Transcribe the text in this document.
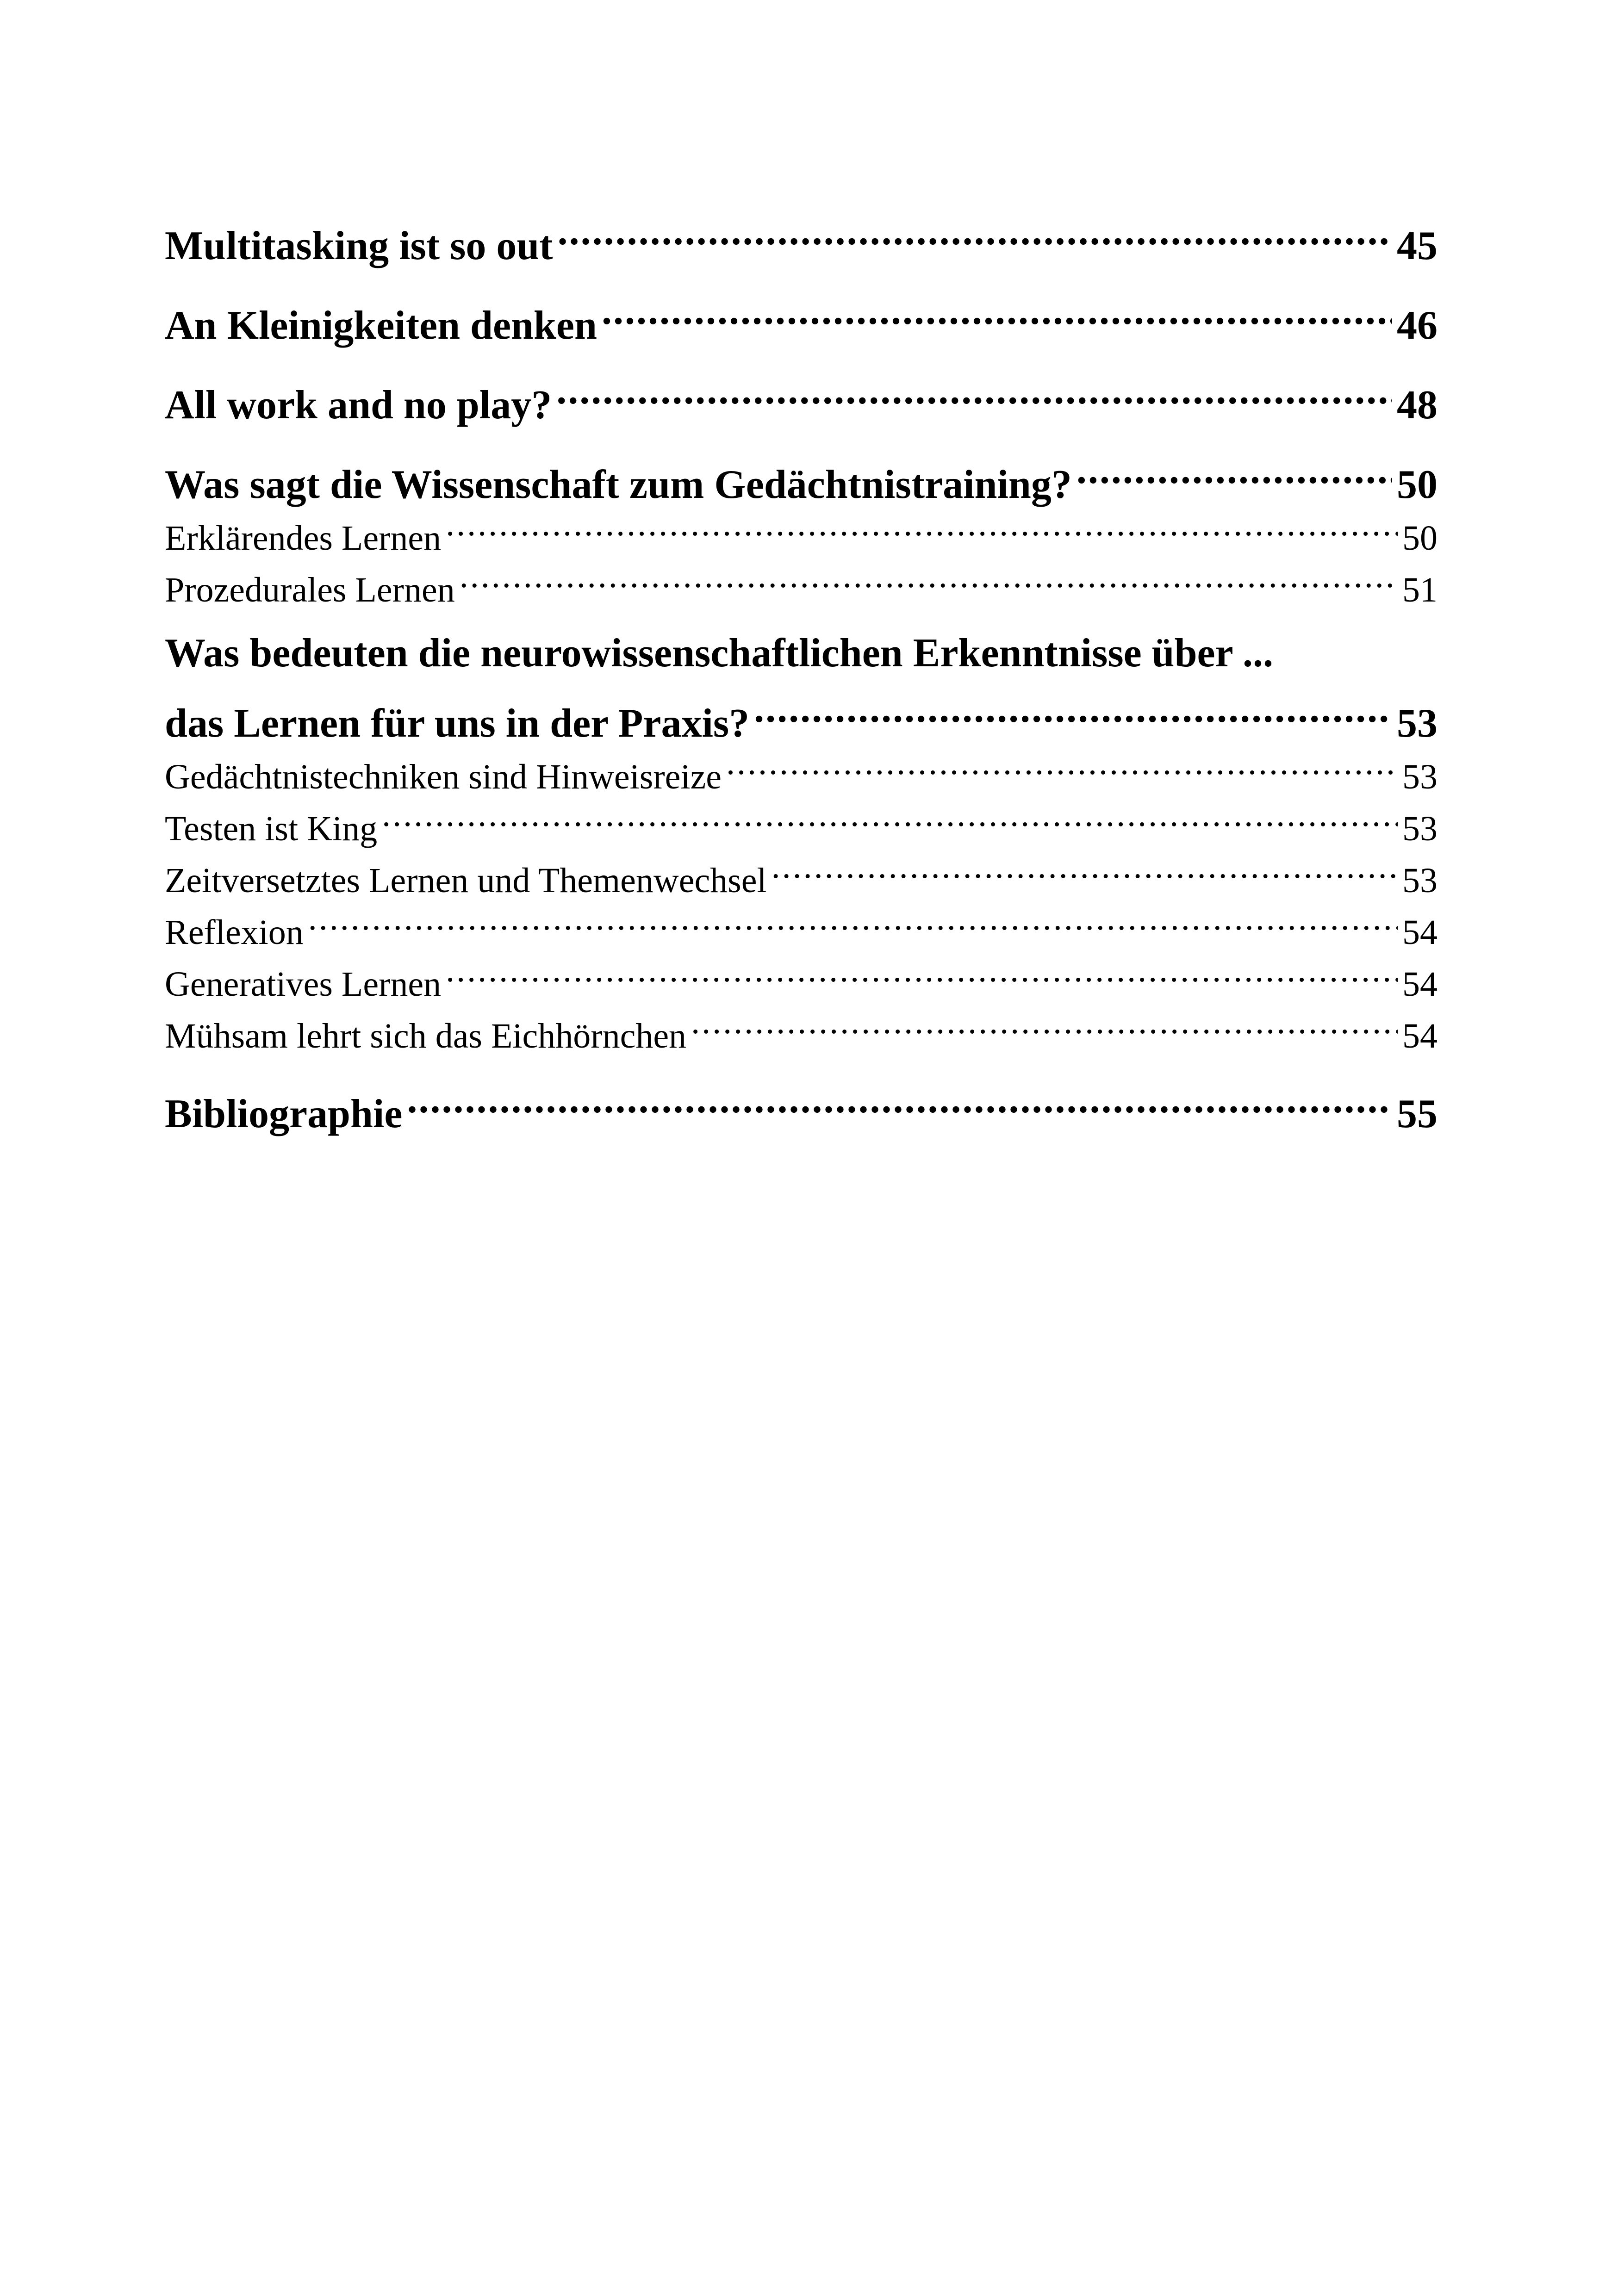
Multitasking ist so out .....	45
An Kleinigkeiten denken .....	46
All work and no play? .....	48
Was sagt die Wissenschaft zum Gedächtnistraining? .....	50
Erklärendes Lernen .....	50
Prozedurales Lernen .....	51
Was bedeuten die neurowissenschaftlichen Erkenntnisse über ...
das Lernen für uns in der Praxis? .....	53
Gedächtnistechniken sind Hinweisreize .....	53
Testen ist King .....	53
Zeitversetztes Lernen und Themenwechsel .....	53
Reflexion .....	54
Generatives Lernen .....	54
Mühsam lehrt sich das Eichhörnchen .....	54
Bibliographie .....	55
